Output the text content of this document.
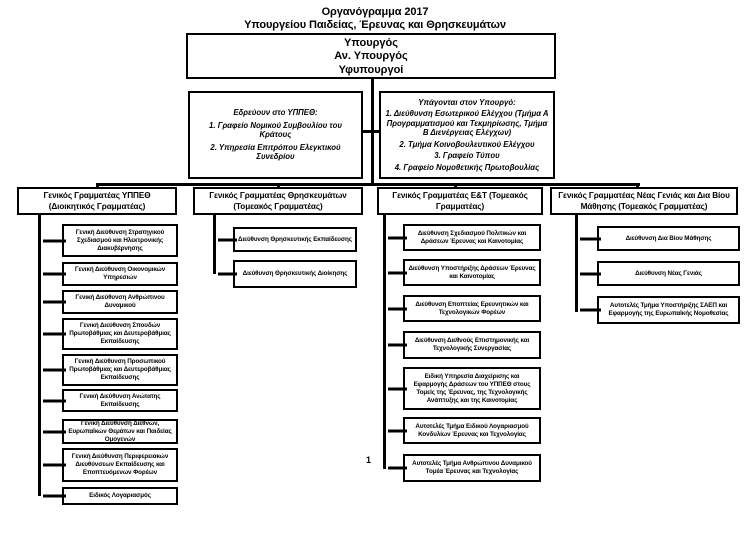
Οργανόγραμμα 2017
Υπουργείου Παιδείας, Έρευνας και Θρησκευμάτων
Υπουργός
Αν. Υπουργός
Υφυπουργοί
Εδρεύουν στο ΥΠΠΕΘ:
1. Γραφείο Νομικού Συμβουλίου του Κράτους
2. Υπηρεσία Επιτρόπου Ελεγκτικού Συνεδρίου
Υπάγονται στον Υπουργό:
1. Διεύθυνση Εσωτερικού Ελέγχου (Τμήμα Α Προγραμματισμού και Τεκμηρίωσης, Τμήμα Β Διενέργειας Ελέγχων)
2. Τμήμα Κοινοβουλευτικού Ελέγχου
3. Γραφείο Τύπου
4. Γραφείο Νομοθετικής Πρωτοβουλίας
Γενικός Γραμματέας ΥΠΠΕΘ (Διοικητικός Γραμματέας)
Γενικός Γραμματέας Θρησκευμάτων (Τομεακός Γραμματέας)
Γενικός Γραμματέας Ε&Τ (Τομεακός Γραμματέας)
Γενικός Γραμματέας Νέας Γενιάς και Δια Βίου Μάθησης (Τομεακός Γραμματέας)
Γενική Διεύθυνση Στρατηγικού Σχεδιασμού και Ηλεκτρονικής Διακυβέρνησης
Γενική Διεύθυνση Οικονομικών Υπηρεσιών
Γενική Διεύθυνση Ανθρώπινου Δυναμικού
Γενική Διεύθυνση Σπουδών Πρωτοβάθμιας και Δευτεροβάθμιας Εκπαίδευσης
Γενική Διεύθυνση Προσωπικού Πρωτοβάθμιας και Δευτεροβάθμιας Εκπαίδευσης
Γενική Διεύθυνση Ανώτατης Εκπαίδευσης
Γενική Διεύθυνση Διεθνών, Ευρωπαϊκών Θεμάτων και Παιδείας Ομογενών
Γενική Διεύθυνση Περιφερειακών Διευθύνσεων Εκπαίδευσης και Εποπτευόμενων Φορέων
Ειδικός Λογαριασμός
Διεύθυνση Θρησκευτικής Εκπαίδευσης
Διεύθυνση Θρησκευτικής Διοίκησης
Διεύθυνση Σχεδιασμού Πολιτικών και Δράσεων Έρευνας και Καινοτομίας
Διεύθυνση Υποστήριξης Δράσεων Έρευνας και Καινοτομίας
Διεύθυνση Εποπτείας Ερευνητικών και Τεχνολογικών Φορέων
Διεύθυνση Διεθνούς Επιστημονικής και Τεχνολογικής Συνεργασίας
Ειδική Υπηρεσία Διαχείρισης και Εφαρμογής Δράσεων του ΥΠΠΕΘ στους Τομείς της Έρευνας, της Τεχνολογικής Ανάπτυξης και της Καινοτομίας
Αυτοτελές Τμήμα Ειδικού Λογαριασμού Κονδυλίων Έρευνας και Τεχνολογίας
Αυτοτελές Τμήμα Ανθρώπινου Δυναμικού Τομέα Έρευνας και Τεχνολογίας
Διεύθυνση Δια Βίου Μάθησης
Διεύθυνση Νέας Γενιάς
Αυτοτελές Τμήμα Υποστήριξης ΣΑΕΠ και Εφαρμογής της Ευρωπαϊκής Νομοθεσίας
1
